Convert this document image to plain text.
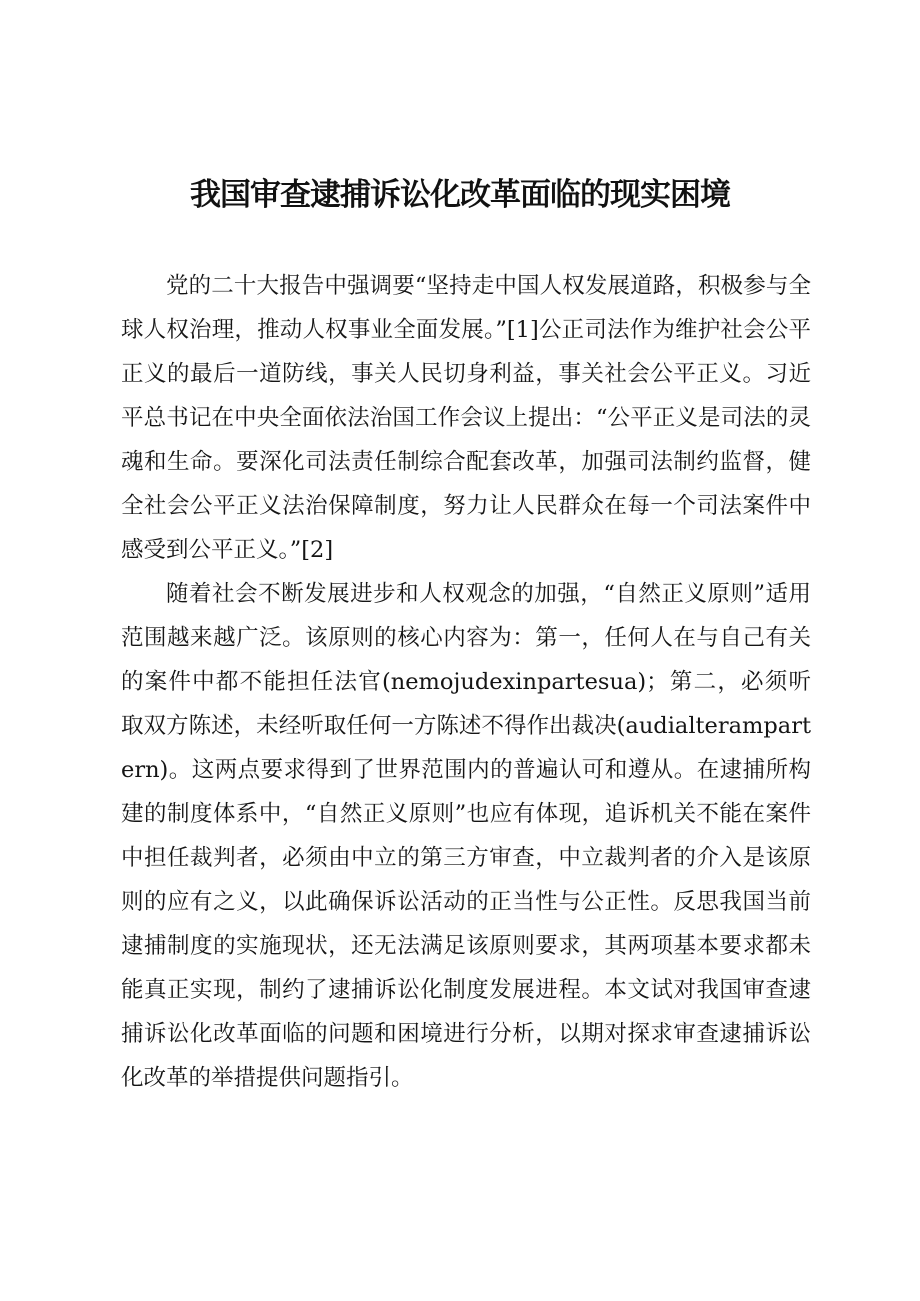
我国审查逮捕诉讼化改革面临的现实困境

党的二十大报告中强调要“坚持走中国人权发展道路，积极参与全球人权治理，推动人权事业全面发展。”[1]公正司法作为维护社会公平正义的最后一道防线，事关人民切身利益，事关社会公平正义。习近平总书记在中央全面依法治国工作会议上提出：“公平正义是司法的灵魂和生命。要深化司法责任制综合配套改革，加强司法制约监督，健全社会公平正义法治保障制度，努力让人民群众在每一个司法案件中感受到公平正义。”[2]

随着社会不断发展进步和人权观念的加强，“自然正义原则”适用范围越来越广泛。该原则的核心内容为：第一，任何人在与自己有关的案件中都不能担任法官(nemojudexinpartesua)；第二，必须听取双方陈述，未经听取任何一方陈述不得作出裁决(audialterampartern)。这两点要求得到了世界范围内的普遍认可和遵从。在逮捕所构建的制度体系中，“自然正义原则”也应有体现，追诉机关不能在案件中担任裁判者，必须由中立的第三方审查，中立裁判者的介入是该原则的应有之义，以此确保诉讼活动的正当性与公正性。反思我国当前逮捕制度的实施现状，还无法满足该原则要求，其两项基本要求都未能真正实现，制约了逮捕诉讼化制度发展进程。本文试对我国审查逮捕诉讼化改革面临的问题和困境进行分析，以期对探求审查逮捕诉讼化改革的举措提供问题指引。
